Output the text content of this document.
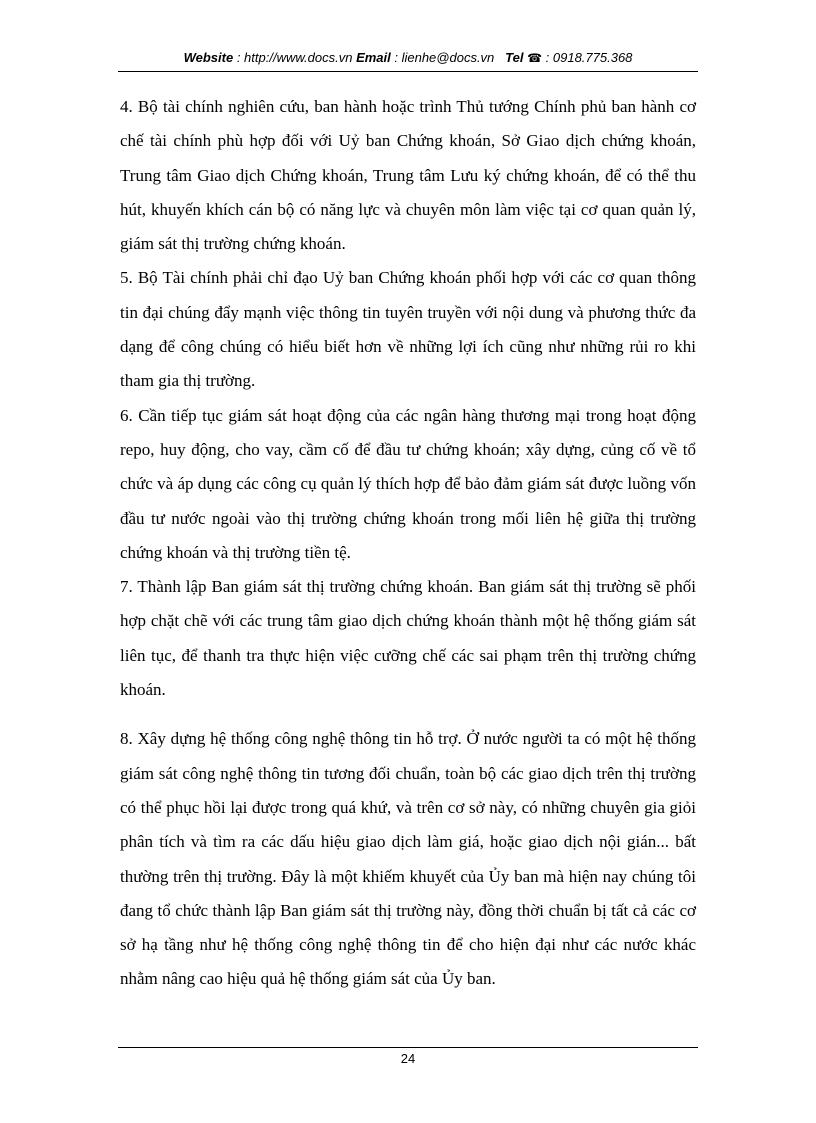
Website : http://www.docs.vn Email : lienhe@docs.vn Tel ☎ : 0918.775.368

4. Bộ tài chính nghiên cứu, ban hành hoặc trình Thủ tướng Chính phủ ban hành cơ chế tài chính phù hợp đối với Uỷ ban Chứng khoán, Sở Giao dịch chứng khoán, Trung tâm Giao dịch Chứng khoán, Trung tâm Lưu ký chứng khoán, để có thể thu hút, khuyến khích cán bộ có năng lực và chuyên môn làm việc tại cơ quan quản lý, giám sát thị trường chứng khoán.

5. Bộ Tài chính phải chỉ đạo Uỷ ban Chứng khoán phối hợp với các cơ quan thông tin đại chúng đẩy mạnh việc thông tin tuyên truyền với nội dung và phương thức đa dạng để công chúng có hiểu biết hơn về những lợi ích cũng như những rủi ro khi tham gia thị trường.

6. Cần tiếp tục giám sát hoạt động của các ngân hàng thương mại trong hoạt động repo, huy động, cho vay, cầm cố để đầu tư chứng khoán; xây dựng, củng cố về tổ chức và áp dụng các công cụ quản lý thích hợp để bảo đảm giám sát được luồng vốn đầu tư nước ngoài vào thị trường chứng khoán trong mối liên hệ giữa thị trường chứng khoán và thị trường tiền tệ.

7. Thành lập Ban giám sát thị trường chứng khoán. Ban giám sát thị trường sẽ phối hợp chặt chẽ với các trung tâm giao dịch chứng khoán thành một hệ thống giám sát liên tục, để thanh tra thực hiện việc cưỡng chế các sai phạm trên thị trường chứng khoán.

8. Xây dựng hệ thống công nghệ thông tin hỗ trợ. Ở nước người ta có một hệ thống giám sát công nghệ thông tin tương đối chuẩn, toàn bộ các giao dịch trên thị trường có thể phục hồi lại được trong quá khứ, và trên cơ sở này, có những chuyên gia giỏi phân tích và tìm ra các dấu hiệu giao dịch làm giá, hoặc giao dịch nội gián... bất thường trên thị trường. Đây là một khiếm khuyết của Ủy ban mà hiện nay chúng tôi đang tổ chức thành lập Ban giám sát thị trường này, đồng thời chuẩn bị tất cả các cơ sở hạ tầng như hệ thống công nghệ thông tin để cho hiện đại như các nước khác nhằm nâng cao hiệu quả hệ thống giám sát của Ủy ban.

24
